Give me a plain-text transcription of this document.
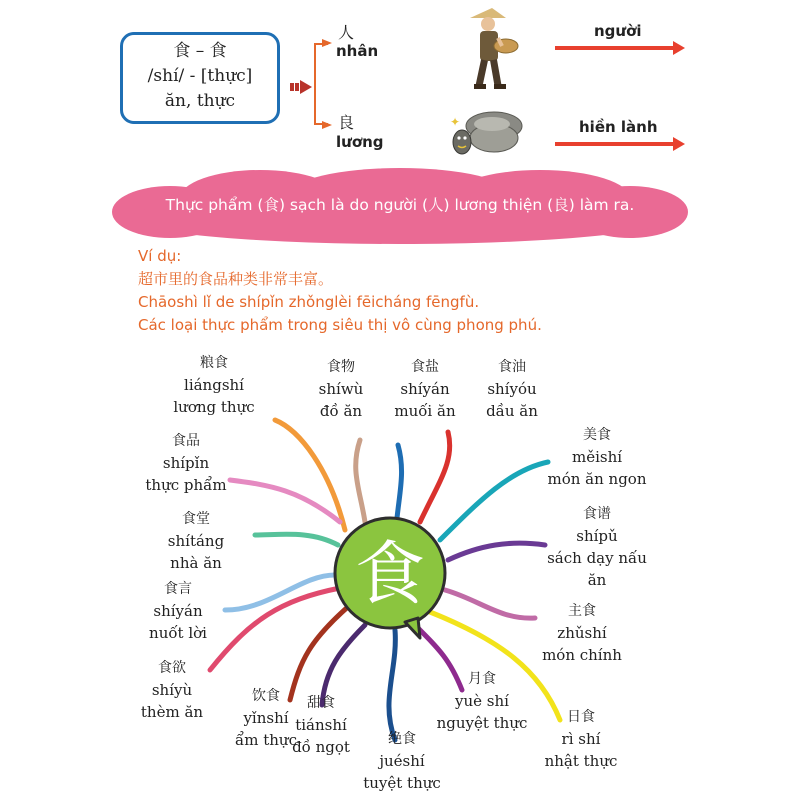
食 – 食
/shí/ - [thực]
ăn, thực
人
nhân
良
lương
✦
người
hiền lành
Thực phẩm (食) sạch là do người (人) lương thiện (良) làm ra.
Ví dụ:
超市里的食品种类非常丰富。
Chāoshì lǐ de shípǐn zhǒnglèi fēicháng fēngfù.
Các loại thực phẩm trong siêu thị vô cùng phong phú.
食
粮食
liángshí
lương thực
食物
shíwù
đồ ăn
食盐
shíyán
muối ăn
食油
shíyóu
dầu ăn
美食
měishí
món ăn ngon
食谱
shípǔ
sách dạy nấu ăn
主食
zhǔshí
món chính
日食
rì shí
nhật thực
月食
yuè shí
nguyệt thực
绝食
juéshí
tuyệt thực
甜食
tiánshí
đồ ngọt
饮食
yǐnshí
ẩm thực
食欲
shíyù
thèm ăn
食言
shíyán
nuốt lời
食堂
shítáng
nhà ăn
食品
shípǐn
thực phẩm
